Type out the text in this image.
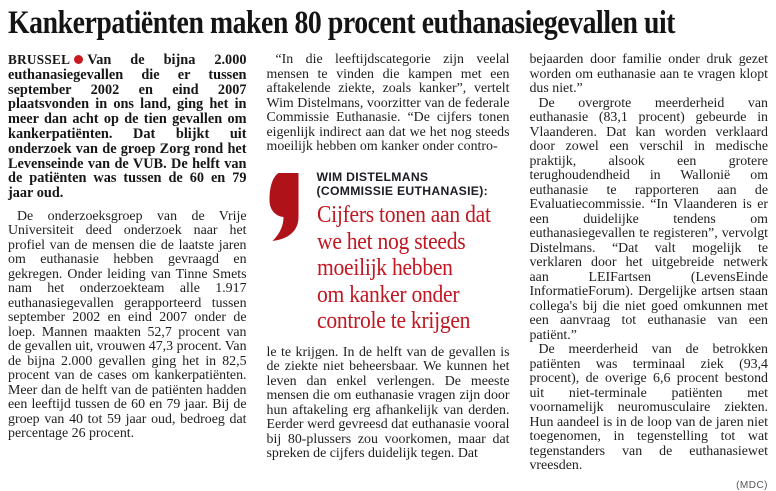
Kankerpatiënten maken 80 procent euthanasiegevallen uit

BRUSSEL Van de bijna 2.000 euthanasiegevallen die er tussen september 2002 en eind 2007 plaatsvonden in ons land, ging het in meer dan acht op de tien gevallen om kankerpatiënten. Dat blijkt uit onderzoek van de groep Zorg rond het Levenseinde van de VUB. De helft van de patiënten was tussen de 60 en 79 jaar oud.

De onderzoeksgroep van de Vrije Universiteit deed onderzoek naar het profiel van de mensen die de laatste jaren om euthanasie hebben gevraagd en gekregen. Onder leiding van Tinne Smets nam het onderzoekteam alle 1.917 euthanasiegevallen gerapporteerd tussen september 2002 en eind 2007 onder de loep. Mannen maakten 52,7 procent van de gevallen uit, vrouwen 47,3 procent. Van de bijna 2.000 gevallen ging het in 82,5 procent van de cases om kankerpatiënten. Meer dan de helft van de patiënten hadden een leeftijd tussen de 60 en 79 jaar. Bij de groep van 40 tot 59 jaar oud, bedroeg dat percentage 26 procent.

“In die leeftijdscategorie zijn veelal mensen te vinden die kampen met een aftakelende ziekte, zoals kanker”, vertelt Wim Distelmans, voorzitter van de federale Commissie Euthanasie. “De cijfers tonen eigenlijk indirect aan dat we het nog steeds moeilijk hebben om kanker onder contro-

WIM DISTELMANS
(COMMISSIE EUTHANASIE):
Cijfers tonen aan dat
we het nog steeds
moeilijk hebben
om kanker onder
controle te krijgen

le te krijgen. In de helft van de gevallen is de ziekte niet beheersbaar. We kunnen het leven dan enkel verlengen. De meeste mensen die om euthanasie vragen zijn door hun aftakeling erg afhankelijk van derden. Eerder werd gevreesd dat euthanasie vooral bij 80-plussers zou voorkomen, maar dat spreken de cijfers duidelijk tegen. Dat

bejaarden door familie onder druk gezet worden om euthanasie aan te vragen klopt dus niet.”

De overgrote meerderheid van euthanasie (83,1 procent) gebeurde in Vlaanderen. Dat kan worden verklaard door zowel een verschil in medische praktijk, alsook een grotere terughoudendheid in Wallonië om euthanasie te rapporteren aan de Evaluatiecommissie. “In Vlaanderen is er een duidelijke tendens om euthanasiegevallen te registeren”, vervolgt Distelmans. “Dat valt mogelijk te verklaren door het uitgebreide netwerk aan LEIFartsen (LevensEinde InformatieForum). Dergelijke artsen staan collega's bij die niet goed omkunnen met een aanvraag tot euthanasie van een patiënt.”

De meerderheid van de betrokken patiënten was terminaal ziek (93,4 procent), de overige 6,6 procent bestond uit niet-terminale patiënten met voornamelijk neuromusculaire ziekten. Hun aandeel is in de loop van de jaren niet toegenomen, in tegenstelling tot wat tegenstanders van de euthanasiewet vreesden.

(MDC)
